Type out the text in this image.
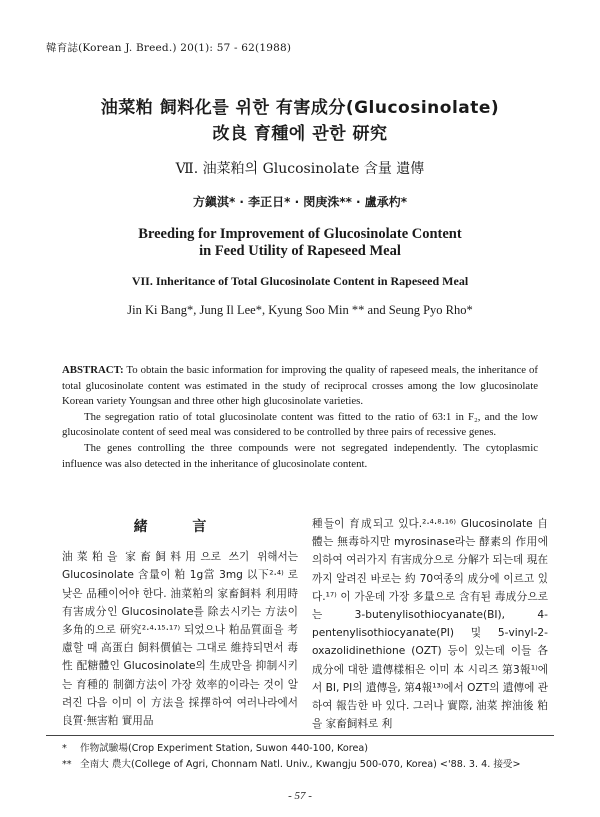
韓育誌(Korean J. Breed.) 20(1): 57 - 62(1988)
油菜粕 飼料化를 위한 有害成分(Glucosinolate)
改良 育種에 관한 研究
Ⅶ. 油菜粕의 Glucosinolate 含量 遺傳
方鎭淇* · 李正日* · 閔庚洙** · 盧承杓*
Breeding for Improvement of Glucosinolate Content
in Feed Utility of Rapeseed Meal
VII. Inheritance of Total Glucosinolate Content in Rapeseed Meal
Jin Ki Bang*, Jung Il Lee*, Kyung Soo Min ** and Seung Pyo Rho*

ABSTRACT: To obtain the basic information for improving the quality of rapeseed meals, the inheritance of total glucosinolate content was estimated in the study of reciprocal crosses among the low glucosinolate Korean variety Youngsan and three other high glucosinolate varieties.

The segregation ratio of total glucosinolate content was fitted to the ratio of 63:1 in F₂, and the low glucosinolate content of seed meal was considered to be controlled by three pairs of recessive genes.

The genes controlling the three compounds were not segregated independently. The cytoplasmic influence was also detected in the inheritance of glucosinolate content.

緒 言

油菜粕을 家畜飼料用으로 쓰기 위해서는 Glucosinolate 含量이 粕 1g當 3mg 以下²·⁴⁾ 로 낮은 品種이어야 한다. 油菜粕의 家畜飼料 利用時 有害成分인 Glucosinolate를 除去시키는 方法이 多角的으로 研究²·⁴·¹⁵·¹⁷⁾ 되었으나 粕品質面을 考慮할 때 高蛋白 飼料價値는 그대로 維持되면서 毒性 配糖體인 Glucosinolate의 生成만을 抑制시키는 育種的 制御方法이 가장 效率的이라는 것이 알려진 다음 이미 이 方法을 採擇하여 여러나라에서 良質·無害粕 實用品

種들이 育成되고 있다.²·⁴·⁸·¹⁶⁾ Glucosinolate 自體는 無毒하지만 myrosinase라는 酵素의 作用에 의하여 여러가지 有害成分으로 分解가 되는데 現在까지 알려진 바로는 約 70여종의 成分에 이르고 있다.¹⁷⁾ 이 가운데 가장 多量으로 含有된 毒成分으로는 3-butenylisothiocyanate(BI), 4-pentenylisothiocyanate(PI) 및 5-vinyl-2-oxazolidinethione (OZT) 등이 있는데 이들 各 成分에 대한 遺傳樣相은 이미 本 시리즈 第3報¹⁾에서 BI, PI의 遺傳을, 第4報¹³⁾에서 OZT의 遺傳에 관하여 報告한 바 있다. 그러나 實際, 油菜 搾油後 粕을 家畜飼料로 利

* 作物試驗場(Crop Experiment Station, Suwon 440-100, Korea)
** 全南大 農大(College of Agri, Chonnam Natl. Univ., Kwangju 500-070, Korea) <'88. 3. 4. 接受>
- 57 -
